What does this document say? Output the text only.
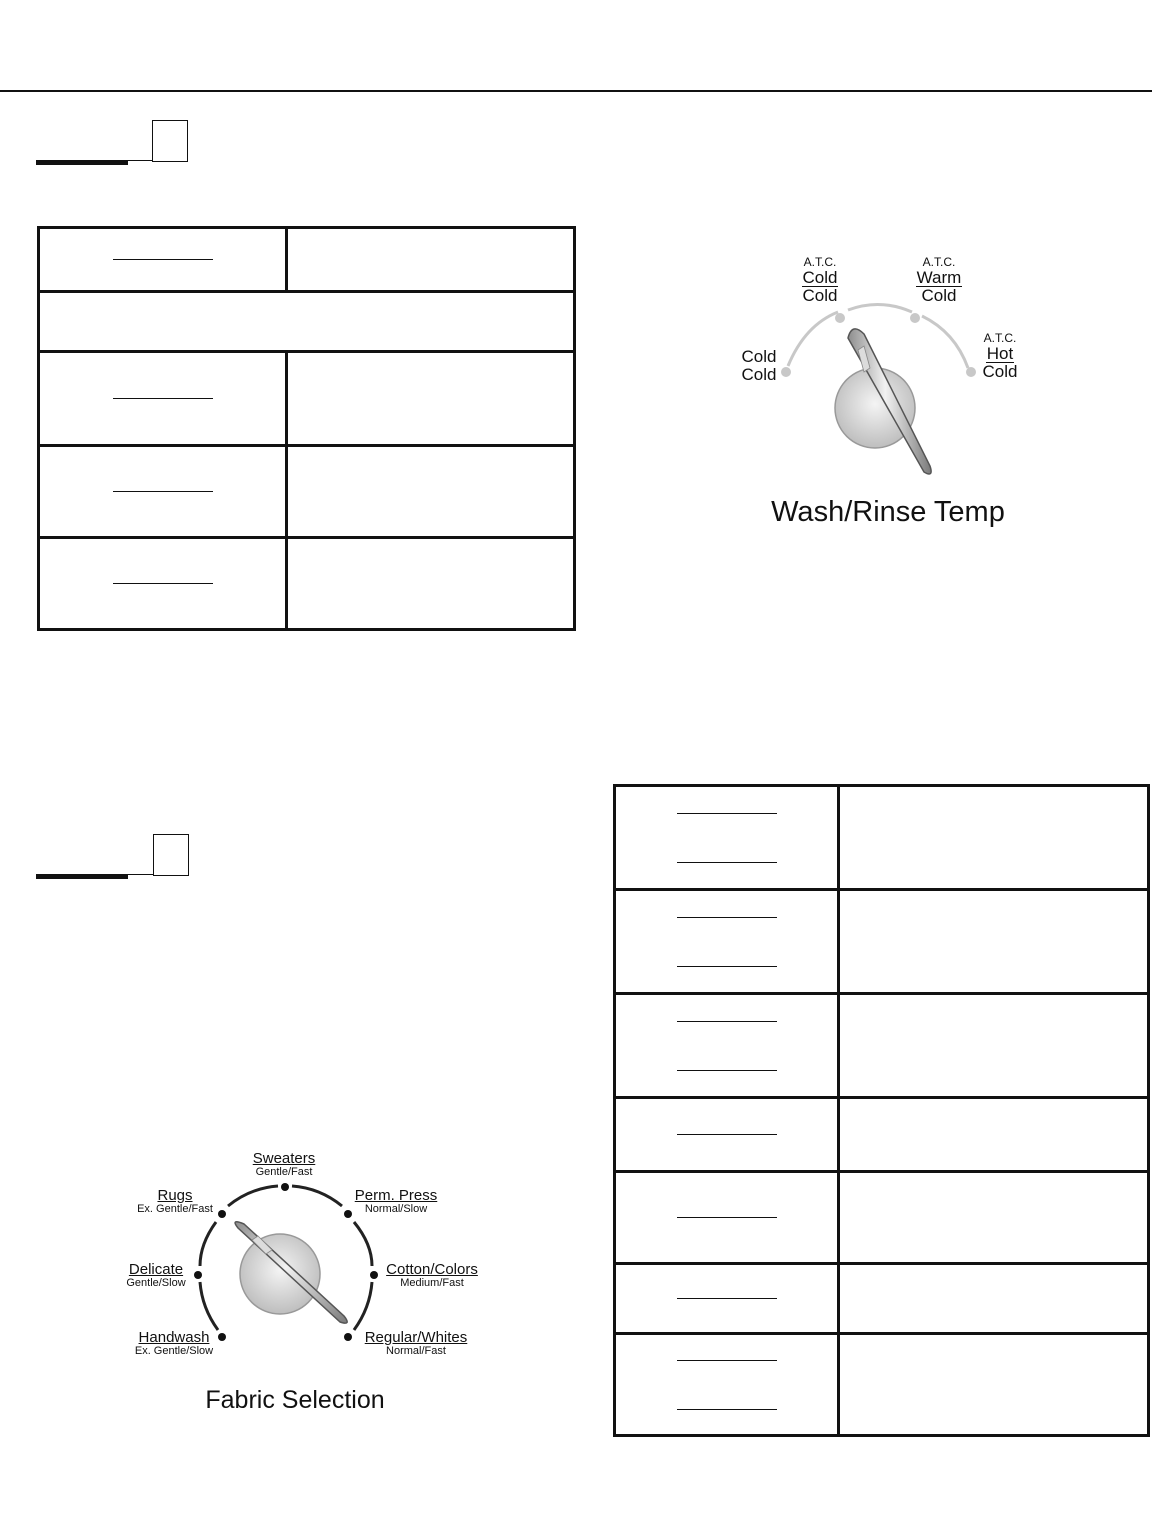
Cold
Cold
A.T.C.
Cold
Cold
A.T.C.
Warm
Cold
A.T.C.
Hot
Cold
Wash/Rinse Temp

Handwash
Ex. Gentle/Slow
Delicate
Gentle/Slow
Rugs
Ex. Gentle/Fast
Sweaters
Gentle/Fast
Perm. Press
Normal/Slow
Cotton/Colors
Medium/Fast
Regular/Whites
Normal/Fast
Fabric Selection
